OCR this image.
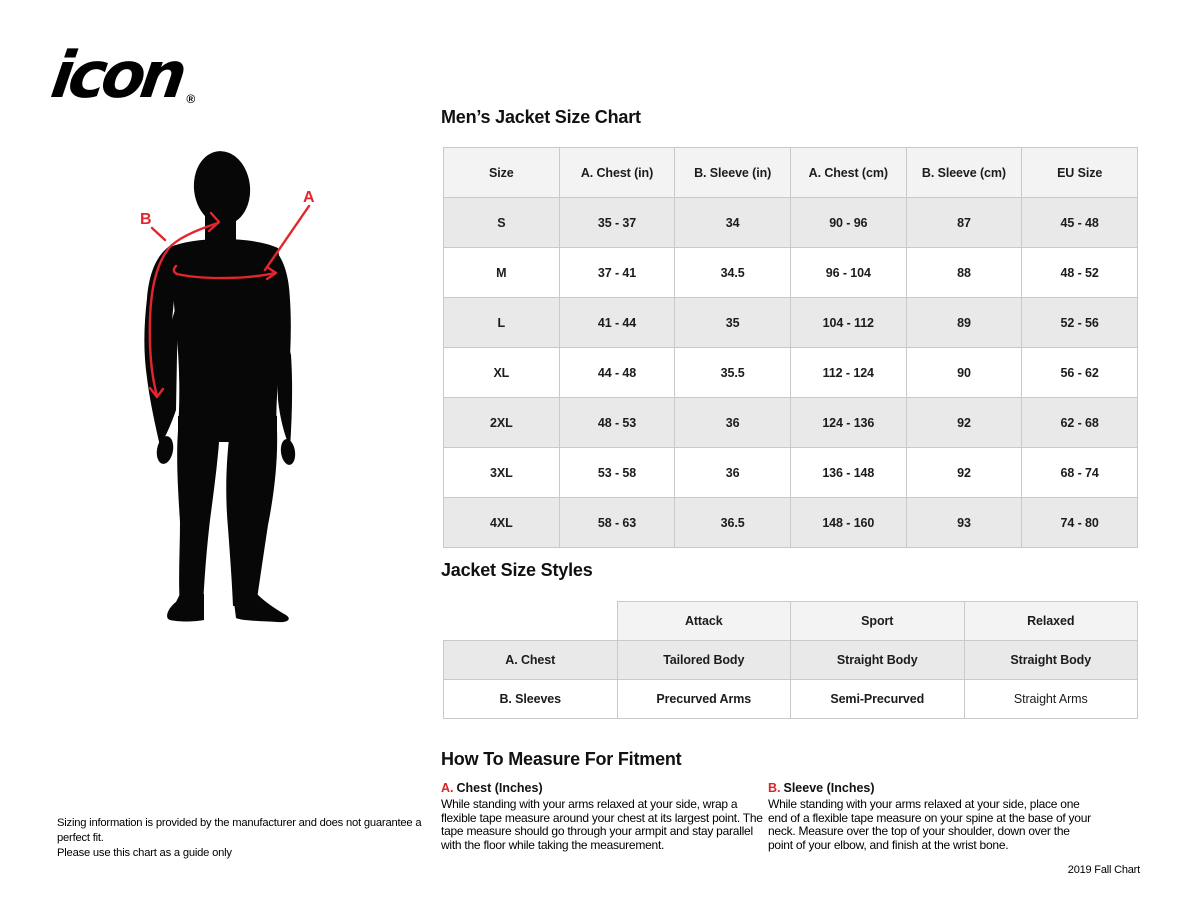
icon®
B
A
Men’s Jacket Size Chart
Size	A. Chest (in)	B. Sleeve (in)	A. Chest (cm)	B. Sleeve (cm)	EU Size
S	35 - 37	34	90 - 96	87	45 - 48
M	37 - 41	34.5	96 - 104	88	48 - 52
L	41 - 44	35	104 - 112	89	52 - 56
XL	44 - 48	35.5	112 - 124	90	56 - 62
2XL	48 - 53	36	124 - 136	92	62 - 68
3XL	53 - 58	36	136 - 148	92	68 - 74
4XL	58 - 63	36.5	148 - 160	93	74 - 80
Jacket Size Styles
	Attack	Sport	Relaxed
A. Chest	Tailored Body	Straight Body	Straight Body
B. Sleeves	Precurved Arms	Semi-Precurved	Straight Arms
How To Measure For Fitment
A. Chest (Inches)
While standing with your arms relaxed at your side, wrap a flexible tape measure around your chest at its largest point. The tape measure should go through your armpit and stay parallel with the floor while taking the measurement.
B. Sleeve (Inches)
While standing with your arms relaxed at your side, place one end of a flexible tape measure on your spine at the base of your neck. Measure over the top of your shoulder, down over the point of your elbow, and finish at the wrist bone.
Sizing information is provided by the manufacturer and does not guarantee a perfect fit.
Please use this chart as a guide only
2019 Fall Chart
